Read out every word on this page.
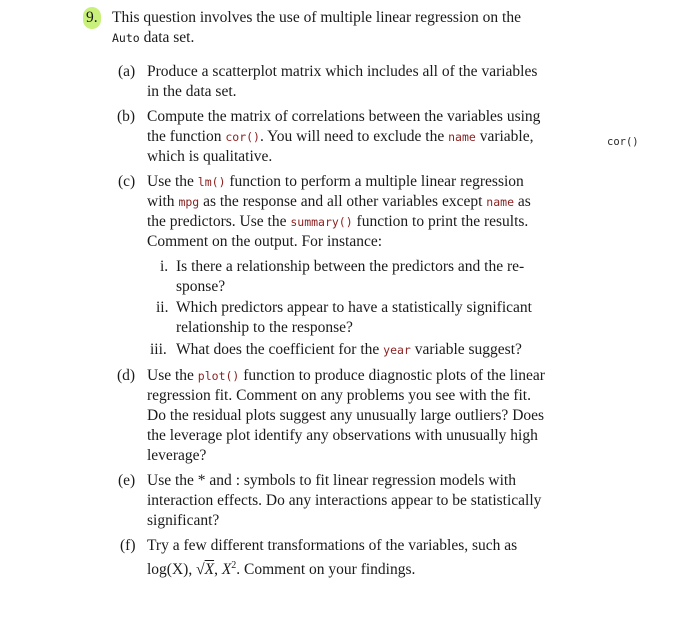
9. This question involves the use of multiple linear regression on the
Auto data set.
cor()
(a) Produce a scatterplot matrix which includes all of the variables
in the data set.
(b) Compute the matrix of correlations between the variables using
the function cor(). You will need to exclude the name variable,
which is qualitative.
(c) Use the lm() function to perform a multiple linear regression
with mpg as the response and all other variables except name as
the predictors. Use the summary() function to print the results.
Comment on the output. For instance:
i. Is there a relationship between the predictors and the re-
sponse?
ii. Which predictors appear to have a statistically significant
relationship to the response?
iii. What does the coefficient for the year variable suggest?
(d) Use the plot() function to produce diagnostic plots of the linear
regression fit. Comment on any problems you see with the fit.
Do the residual plots suggest any unusually large outliers? Does
the leverage plot identify any observations with unusually high
leverage?
(e) Use the * and : symbols to fit linear regression models with
interaction effects. Do any interactions appear to be statistically
significant?
(f) Try a few different transformations of the variables, such as
log(X), √X, $X^2$. Comment on your findings.
